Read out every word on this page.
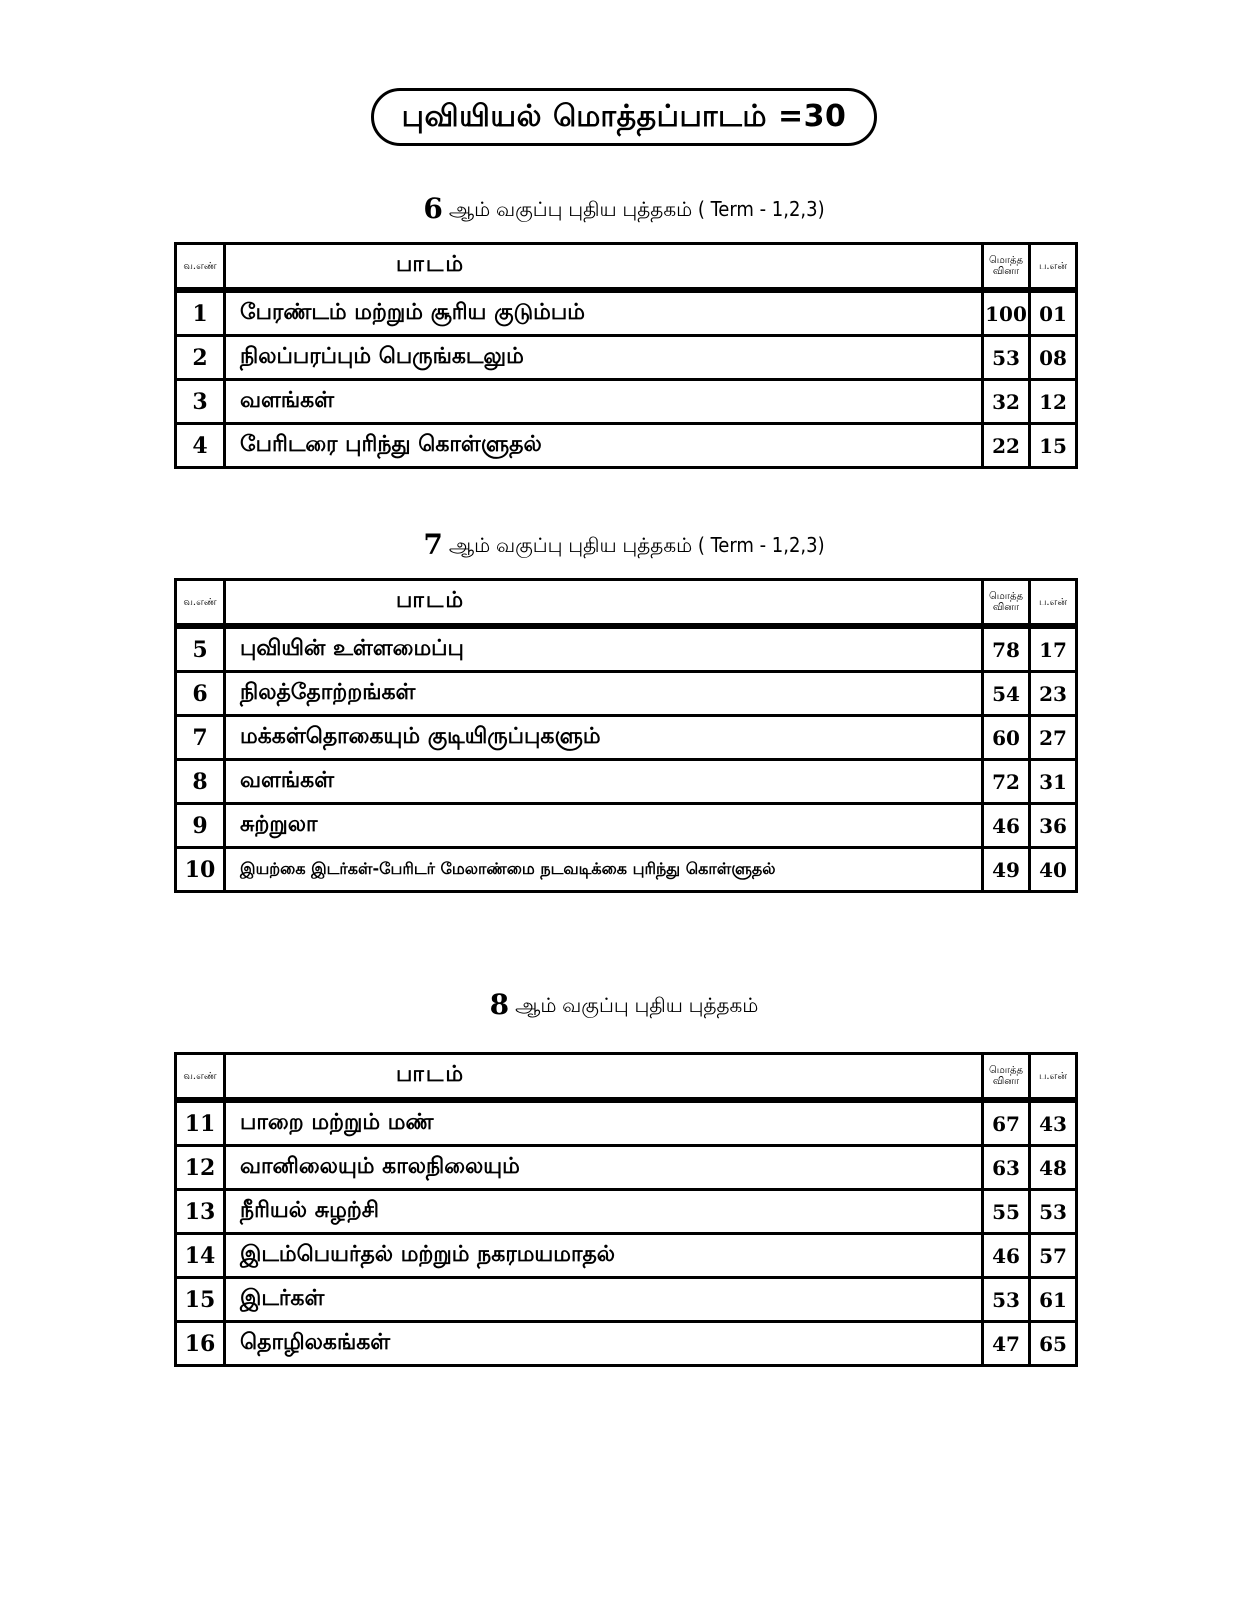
புவியியல் மொத்தப்பாடம் =30
6 ஆம் வகுப்பு புதிய புத்தகம் ( Term - 1,2,3)
வ.எண்	பாடம்	மொத்த வினா	ப.என்
1	பேரண்டம் மற்றும் சூரிய குடும்பம்	100	01
2	நிலப்பரப்பும் பெருங்கடலும்	53	08
3	வளங்கள்	32	12
4	பேரிடரை புரிந்து கொள்ளுதல்	22	15
7 ஆம் வகுப்பு புதிய புத்தகம் ( Term - 1,2,3)
வ.எண்	பாடம்	மொத்த வினா	ப.என்
5	புவியின் உள்ளமைப்பு	78	17
6	நிலத்தோற்றங்கள்	54	23
7	மக்கள்தொகையும் குடியிருப்புகளும்	60	27
8	வளங்கள்	72	31
9	சுற்றுலா	46	36
10	இயற்கை இடர்கள்-பேரிடர் மேலாண்மை நடவடிக்கை புரிந்து கொள்ளுதல்	49	40
8 ஆம் வகுப்பு புதிய புத்தகம்
வ.எண்	பாடம்	மொத்த வினா	ப.என்
11	பாறை மற்றும் மண்	67	43
12	வானிலையும் காலநிலையும்	63	48
13	நீரியல் சுழற்சி	55	53
14	இடம்பெயர்தல் மற்றும் நகரமயமாதல்	46	57
15	இடர்கள்	53	61
16	தொழிலகங்கள்	47	65
